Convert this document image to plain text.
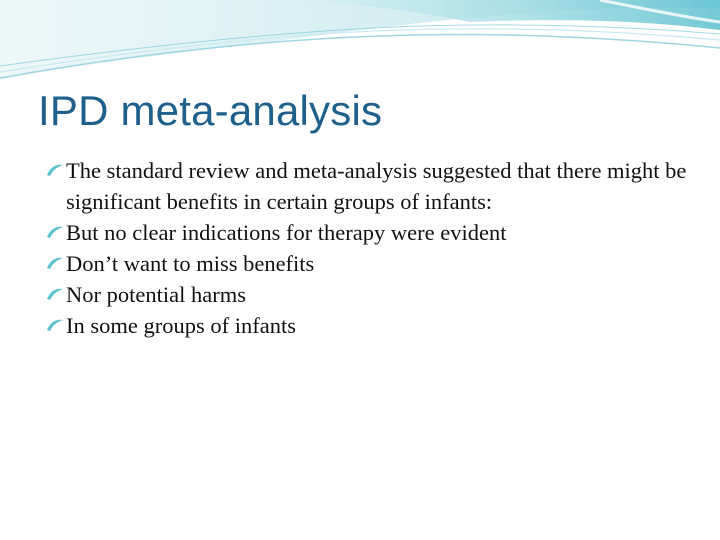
IPD meta-analysis
The standard review and meta-analysis suggested that there might be significant benefits in certain groups of infants:
But no clear indications for therapy were evident
Don’t want to miss benefits
Nor potential harms
In some groups of infants
